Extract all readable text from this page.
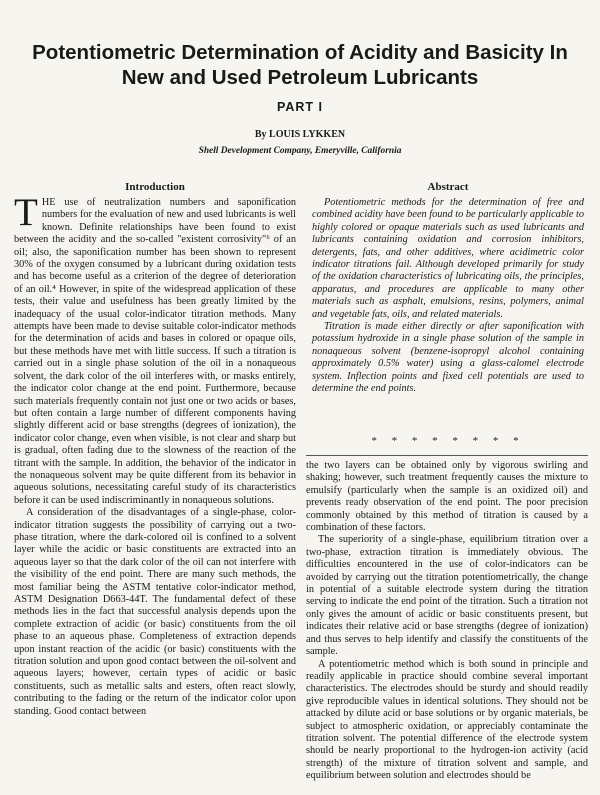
Potentiometric Determination of Acidity and Basicity In New and Used Petroleum Lubricants
PART I
By LOUIS LYKKEN
Shell Development Company, Emeryville, California
Introduction	Abstract

THE use of neutralization numbers and saponification numbers for the evaluation of new and used lubricants is well known. Definite relationships have been found to exist between the acidity and the so-called "existent corrosivity"⁶ of an oil; also, the saponification number has been shown to represent 30% of the oxygen consumed by a lubricant during oxidation tests and has become useful as a criterion of the degree of deterioration of an oil.⁴ However, in spite of the widespread application of these tests, their value and usefulness has been greatly limited by the inadequacy of the usual color-indicator titration methods. Many attempts have been made to devise suitable color-indicator methods for the determination of acids and bases in colored or opaque oils, but these methods have met with little success. If such a titration is carried out in a single phase solution of the oil in a nonaqueous solvent, the dark color of the oil interferes with, or masks entirely, the indicator color change at the end point. Furthermore, because such materials frequently contain not just one or two acids or bases, but often contain a large number of different components having slightly different acid or base strengths (degrees of ionization), the indicator color change, even when visible, is not clear and sharp but is gradual, often fading due to the slowness of the reaction of the titrant with the sample. In addition, the behavior of the indicator in the nonaqueous solvent may be quite different from its behavior in aqueous solutions, necessitating careful study of its characteristics before it can be used indiscriminantly in nonaqueous solutions.

A consideration of the disadvantages of a single-phase, color-indicator titration suggests the possibility of carrying out a two-phase titration, where the dark-colored oil is confined to a solvent layer while the acidic or basic constituents are extracted into an aqueous layer so that the dark color of the oil can not interfere with the visibility of the end point. There are many such methods, the most familiar being the ASTM tentative color-indicator method, ASTM Designation D663-44T. The fundamental defect of these methods lies in the fact that successful analysis depends upon the complete extraction of acidic (or basic) constituents from the oil phase to an aqueous phase. Completeness of extraction depends upon instant reaction of the acidic (or basic) constituents with the titration solution and upon good contact between the oil-solvent and aqueous layers; however, certain types of acidic or basic constituents, such as metallic salts and esters, often react slowly, contributing to the fading or the return of the indicator color upon standing. Good contact between

Potentiometric methods for the determination of free and combined acidity have been found to be particularly applicable to highly colored or opaque materials such as used lubricants and lubricants containing oxidation and corrosion inhibitors, detergents, fats, and other additives, where acidimetric color indicator titrations fail. Although developed primarily for study of the oxidation characteristics of lubricating oils, the principles, apparatus, and procedures are applicable to many other materials such as asphalt, emulsions, resins, polymers, animal and vegetable fats, oils, and related materials.

Titration is made either directly or after saponification with potassium hydroxide in a single phase solution of the sample in nonaqueous solvent (benzene-isopropyl alcohol containing approximately 0.5% water) using a glass-calomel electrode system. Inflection points and fixed cell potentials are used to determine the end points.

* * * * * * * *

the two layers can be obtained only by vigorous swirling and shaking; however, such treatment frequently causes the mixture to emulsify (particularly when the sample is an oxidized oil) and prevents ready observation of the end point. The poor precision commonly obtained by this method of titration is caused by a combination of these factors.

The superiority of a single-phase, equilibrium titration over a two-phase, extraction titration is immediately obvious. The difficulties encountered in the use of color-indicators can be avoided by carrying out the titration potentiometrically, the change in potential of a suitable electrode system during the titration serving to indicate the end point of the titration. Such a titration not only gives the amount of acidic or basic constituents present, but indicates their relative acid or base strengths (degree of ionization) and thus serves to help identify and classify the constituents of the sample.

A potentiometric method which is both sound in principle and readily applicable in practice should combine several important characteristics. The electrodes should be sturdy and should readily give reproducible values in identical solutions. They should not be attacked by dilute acid or base solutions or by organic materials, be subject to atmospheric oxidation, or appreciably contaminate the titration solvent. The potential difference of the electrode system should be nearly proportional to the hydrogen-ion activity (acid strength) of the mixture of titration solvent and sample, and equilibrium between solution and electrodes should be
